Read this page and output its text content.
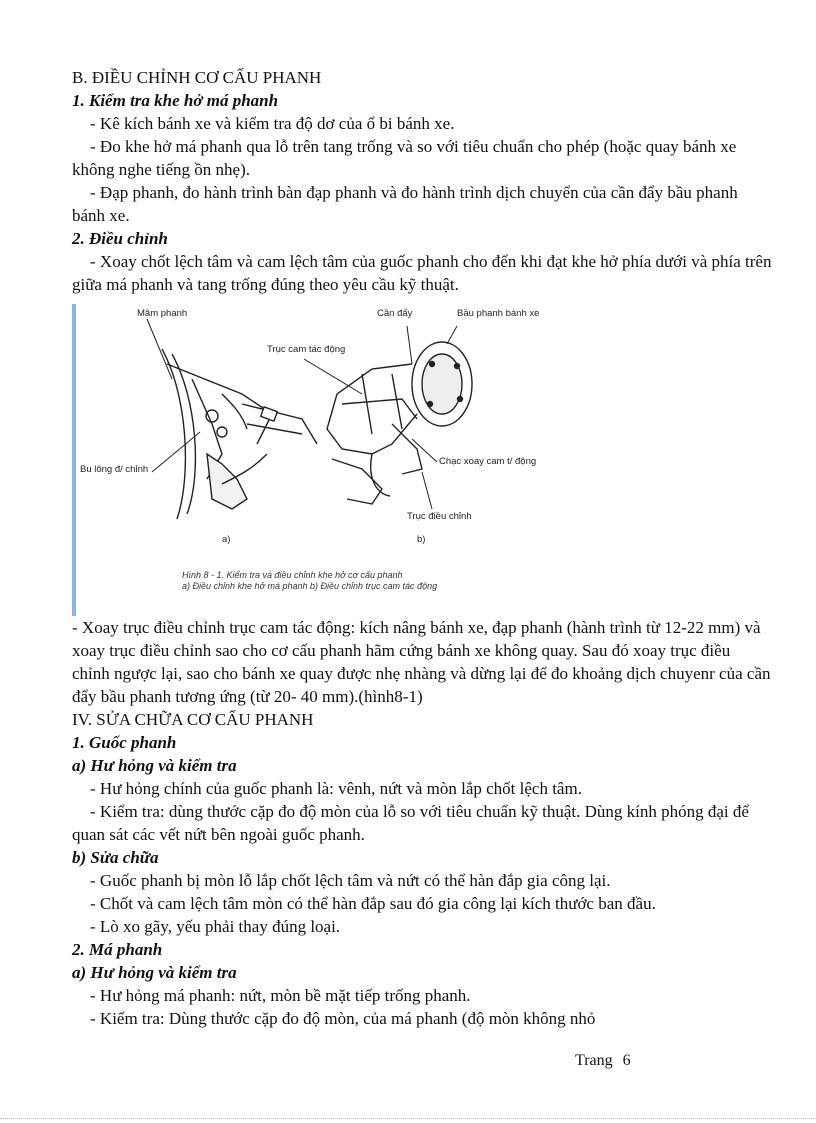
B. ĐIỀU CHỈNH CƠ CẤU PHANH

1. Kiểm tra khe hở má phanh

- Kê kích bánh xe và kiểm tra độ dơ của ổ bi bánh xe.

- Đo khe hở má phanh qua lỗ trên tang trống và so với tiêu chuẩn cho phép (hoặc quay bánh xe không nghe tiếng ồn nhẹ).

- Đạp phanh, đo hành trình bàn đạp phanh và đo hành trình dịch chuyển của cần đẩy bầu phanh bánh xe.

2. Điều chỉnh

- Xoay chốt lệch tâm và cam lệch tâm của guốc phanh cho đến khi đạt khe hở phía dưới và phía trên giữa má phanh và tang trống đúng theo yêu cầu kỹ thuật.

Mâm phanh
Bu lông đ/ chỉnh
Trục cam tác động
Cần đẩy	Bầu phanh bánh xe
Chạc xoay cam t/ động
Trục điều chỉnh
a)	b)
Hình 8 - 1. Kiểm tra và điều chỉnh khe hở cơ cấu phanh
a) Điều chỉnh khe hở má phanh b) Điều chỉnh trục cam tác động

- Xoay trục điều chỉnh trục cam tác động: kích nâng bánh xe, đạp phanh (hành trình từ 12-22 mm) và xoay trục điều chỉnh sao cho cơ cấu phanh hãm cứng bánh xe không quay. Sau đó xoay trục điều chỉnh ngược lại, sao cho bánh xe quay được nhẹ nhàng và dừng lại để đo khoảng dịch chuyenr của cần đẩy bầu phanh tương ứng (từ 20- 40 mm).(hình8-1)

IV. SỬA CHỮA CƠ CẤU PHANH

1. Guốc phanh

a) Hư hỏng và kiểm tra

- Hư hỏng chính của guốc phanh là: vênh, nứt và mòn lắp chốt lệch tâm.

- Kiểm tra: dùng thước cặp đo độ mòn của lỗ so với tiêu chuẩn kỹ thuật. Dùng kính phóng đại để quan sát các vết nứt bên ngoài guốc phanh.

b) Sửa chữa

- Guốc phanh bị mòn lỗ lắp chốt lệch tâm và nứt có thể hàn đắp gia công lại.

- Chốt và cam lệch tâm mòn có thể hàn đắp sau đó gia công lại kích thước ban đầu.

- Lò xo gãy, yếu phải thay đúng loại.

2. Má phanh

a) Hư hỏng và kiểm tra

- Hư hỏng má phanh: nứt, mòn bề mặt tiếp trống phanh.

- Kiểm tra: Dùng thước cặp đo độ mòn, của má phanh (độ mòn không nhỏ

Trang 6
